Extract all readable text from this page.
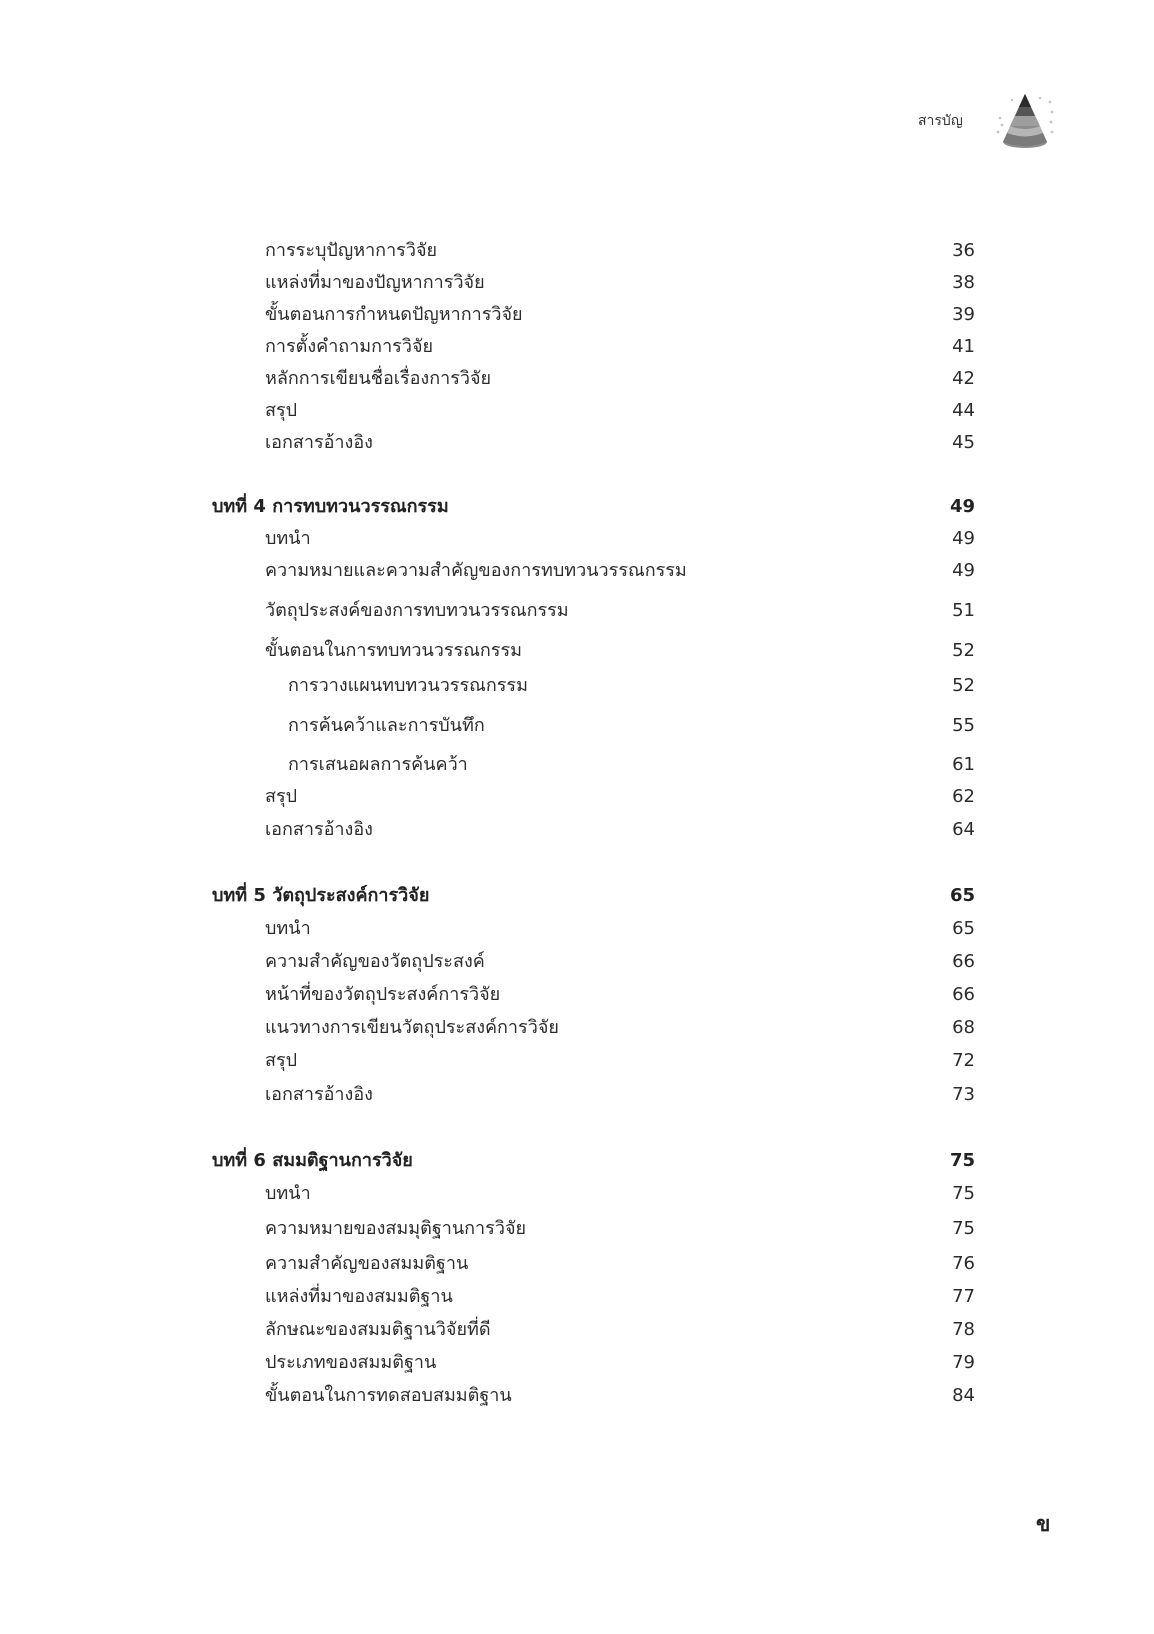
สารบัญ
การระบุปัญหาการวิจัย	36
แหล่งที่มาของปัญหาการวิจัย	38
ขั้นตอนการกำหนดปัญหาการวิจัย	39
การตั้งคำถามการวิจัย	41
หลักการเขียนชื่อเรื่องการวิจัย	42
สรุป	44
เอกสารอ้างอิง	45
บทที่ 4 การทบทวนวรรณกรรม	49
บทนำ	49
ความหมายและความสำคัญของการทบทวนวรรณกรรม	49
วัตถุประสงค์ของการทบทวนวรรณกรรม	51
ขั้นตอนในการทบทวนวรรณกรรม	52
การวางแผนทบทวนวรรณกรรม	52
การค้นคว้าและการบันทึก	55
การเสนอผลการค้นคว้า	61
สรุป	62
เอกสารอ้างอิง	64
บทที่ 5 วัตถุประสงค์การวิจัย	65
บทนำ	65
ความสำคัญของวัตถุประสงค์	66
หน้าที่ของวัตถุประสงค์การวิจัย	66
แนวทางการเขียนวัตถุประสงค์การวิจัย	68
สรุป	72
เอกสารอ้างอิง	73
บทที่ 6 สมมติฐานการวิจัย	75
บทนำ	75
ความหมายของสมมุติฐานการวิจัย	75
ความสำคัญของสมมติฐาน	76
แหล่งที่มาของสมมติฐาน	77
ลักษณะของสมมติฐานวิจัยที่ดี	78
ประเภทของสมมติฐาน	79
ขั้นตอนในการทดสอบสมมติฐาน	84
ข
